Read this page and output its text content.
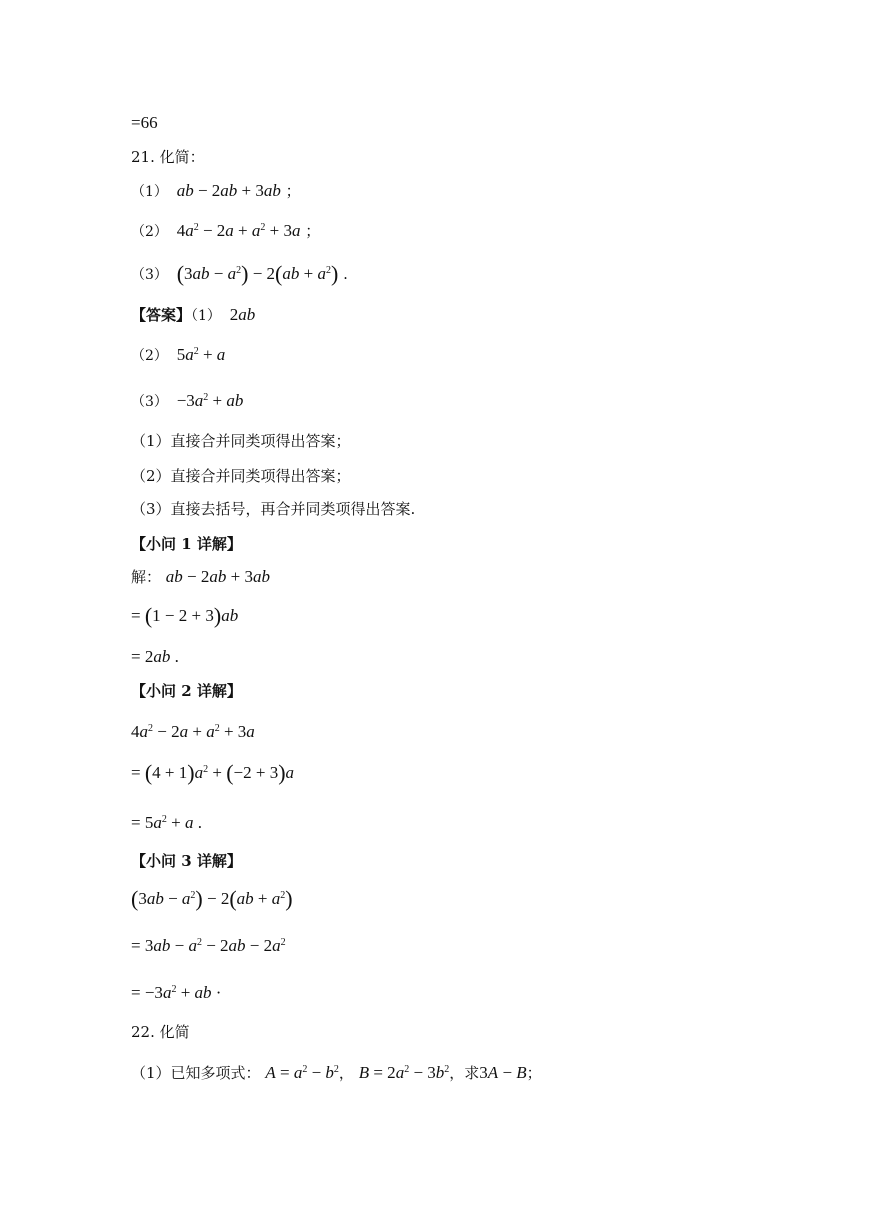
=66
21. 化简：
（1） ab − 2ab + 3ab ；
（2） $4a^2 - 2a + a^2 + 3a$ ；
（3） $(3ab - a^2) - 2(ab + a^2)$ .
【答案】（1） 2ab
（2） $5a^2 + a$
$(3) -3a^2$ + ab
（1）直接合并同类项得出答案；
（2）直接合并同类项得出答案；
（3）直接去括号，再合并同类项得出答案.
【小问 1 详解】
解： ab − 2ab + 3ab
= (1 − 2 + 3)ab
= 2ab .
【小问 2 详解】
$4a^2 - 2a + a^2 + 3a$
= $(4 + 1)a^2 + (-2 + 3)a$
= $5a^2 + a$ .
【小问 3 详解】
$(3ab - a^2) - 2(ab + a^2)$
= $3ab - a^2 - 2ab - 2a^2$
= $-3a^2$ + ab ·
22. 化简
（1）已知多项式： $A = a^2 - b^2$， $B = 2a^2 - 3b^2$，求3A − B；
